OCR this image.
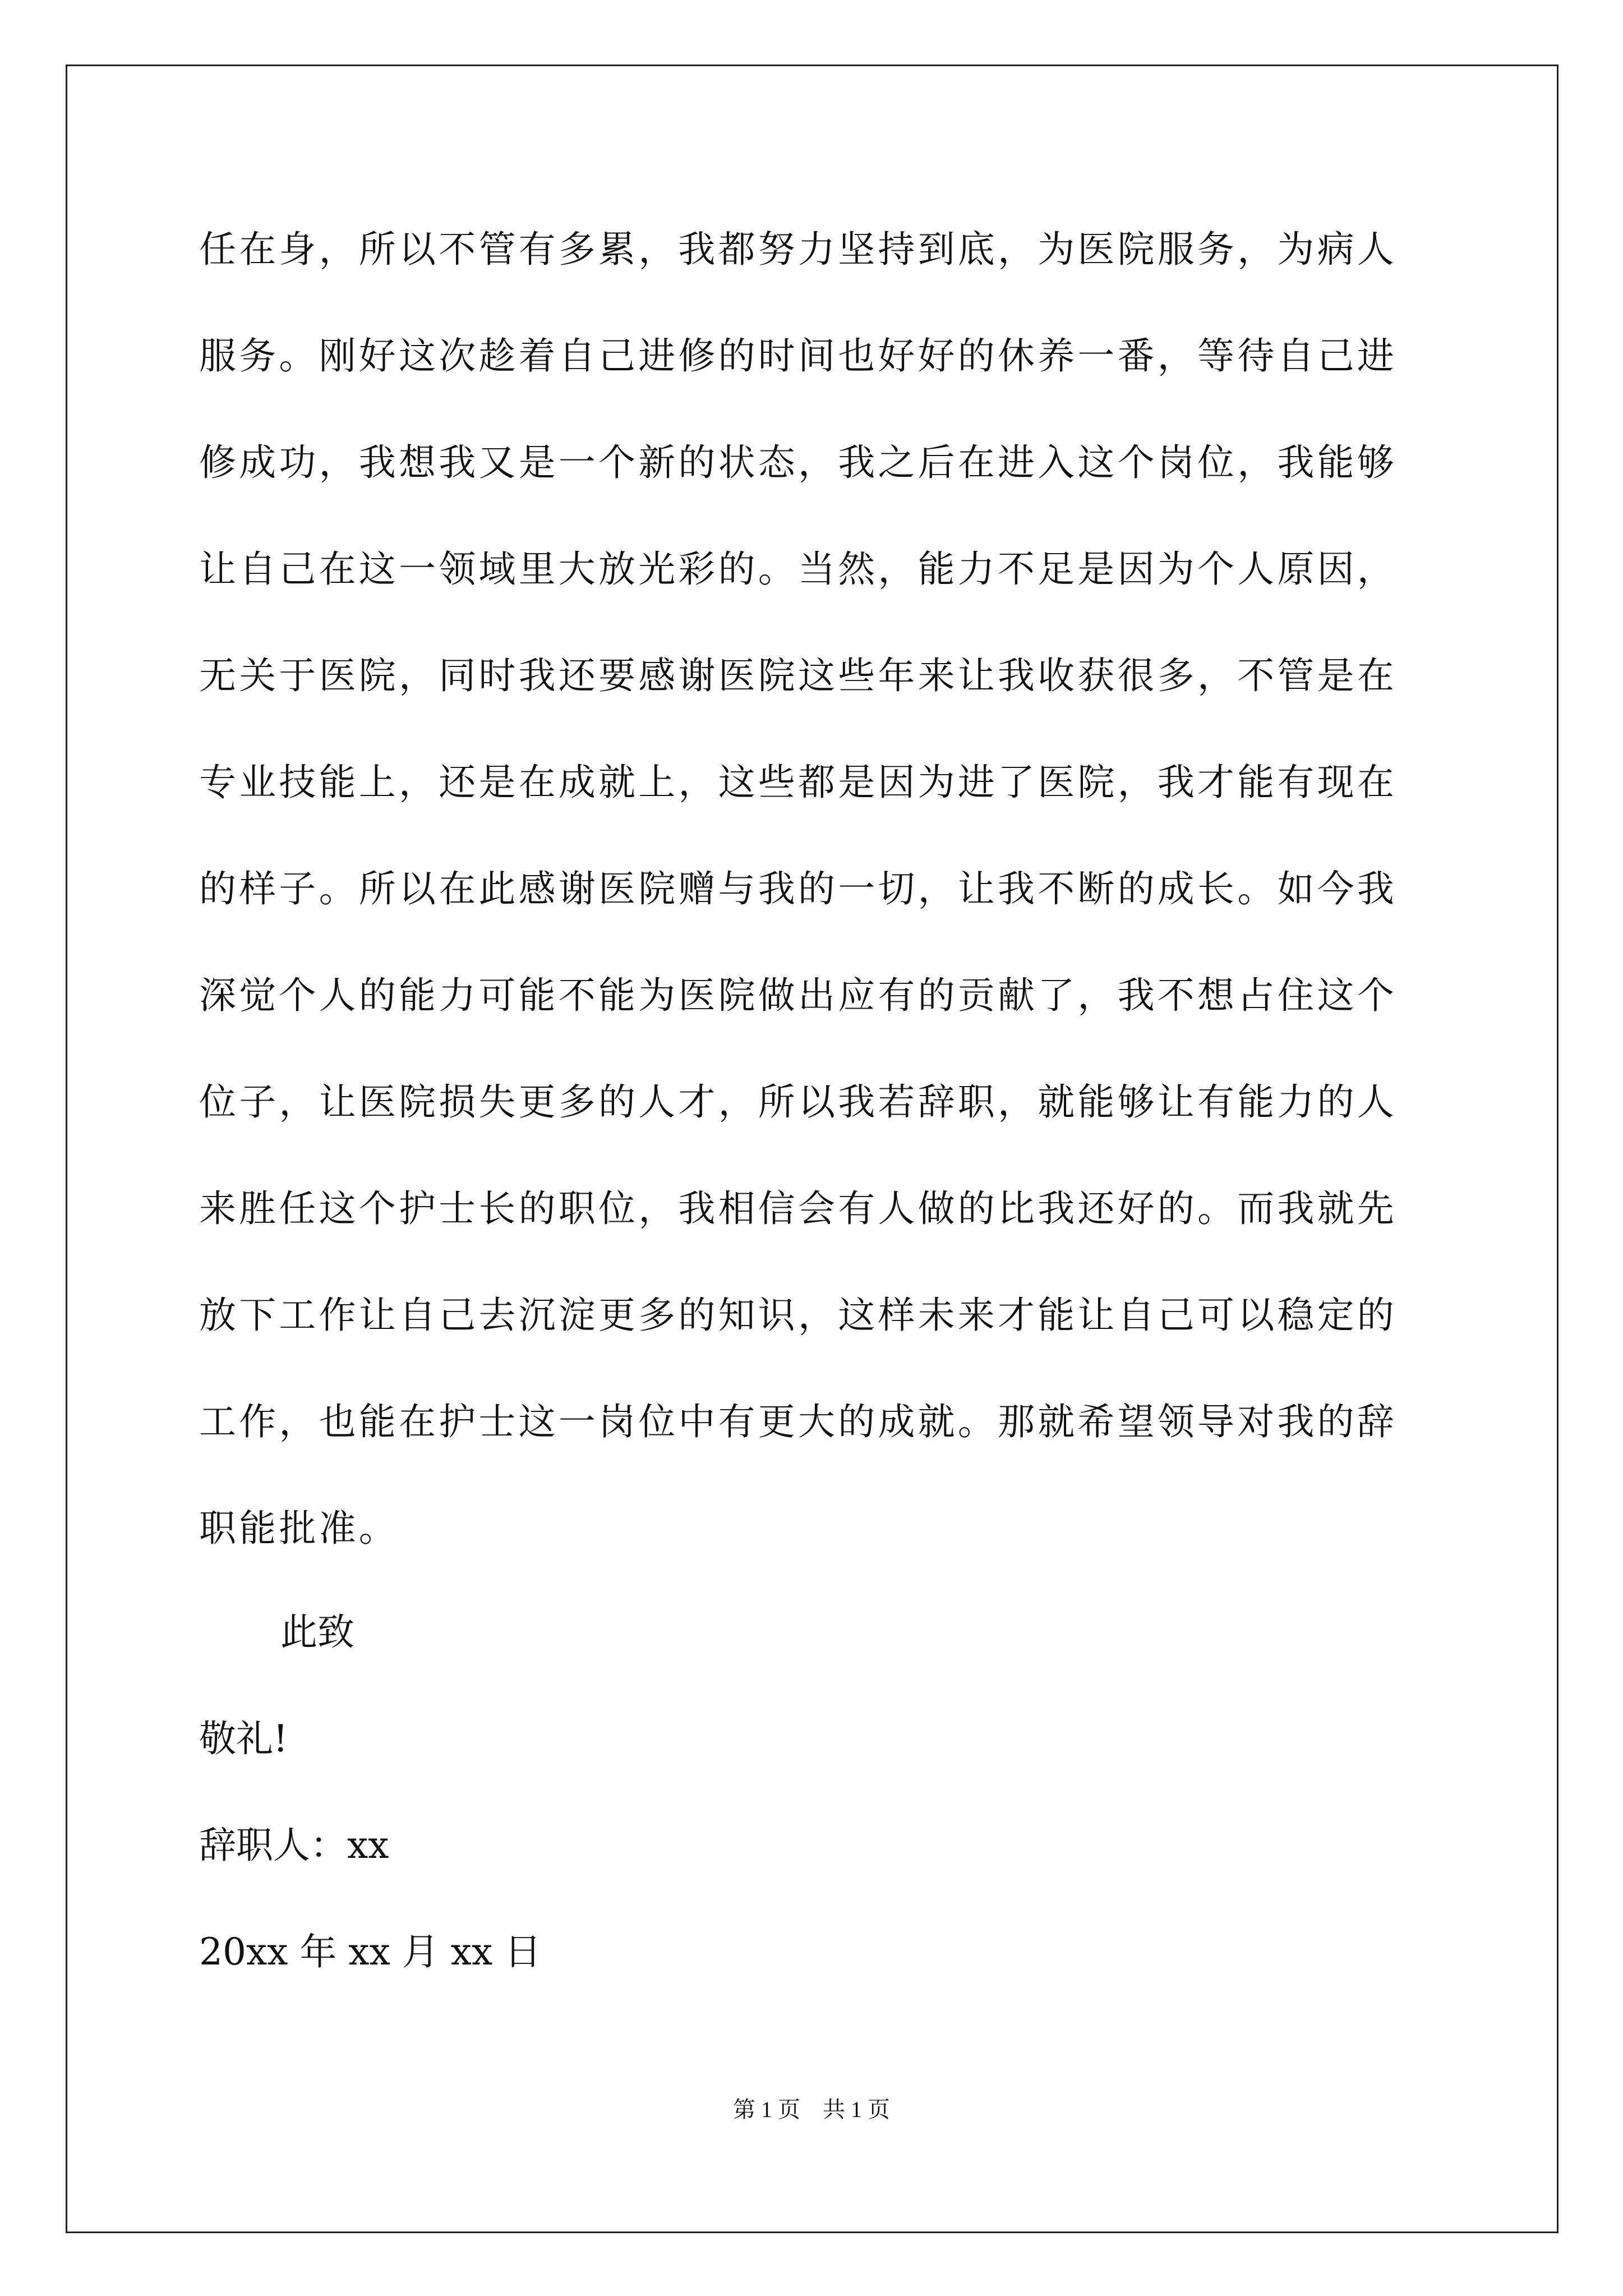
任在身，所以不管有多累，我都努力坚持到底，为医院服务，为病人
服务。刚好这次趁着自己进修的时间也好好的休养一番，等待自己进
修成功，我想我又是一个新的状态，我之后在进入这个岗位，我能够
让自己在这一领域里大放光彩的。当然，能力不足是因为个人原因，
无关于医院，同时我还要感谢医院这些年来让我收获很多，不管是在
专业技能上，还是在成就上，这些都是因为进了医院，我才能有现在
的样子。所以在此感谢医院赠与我的一切，让我不断的成长。如今我
深觉个人的能力可能不能为医院做出应有的贡献了，我不想占住这个
位子，让医院损失更多的人才，所以我若辞职，就能够让有能力的人
来胜任这个护士长的职位，我相信会有人做的比我还好的。而我就先
放下工作让自己去沉淀更多的知识，这样未来才能让自己可以稳定的
工作，也能在护士这一岗位中有更大的成就。那就希望领导对我的辞
职能批准。
此致
敬礼!
辞职人：xx
20xx 年 xx 月 xx 日
第 1 页　共 1 页
